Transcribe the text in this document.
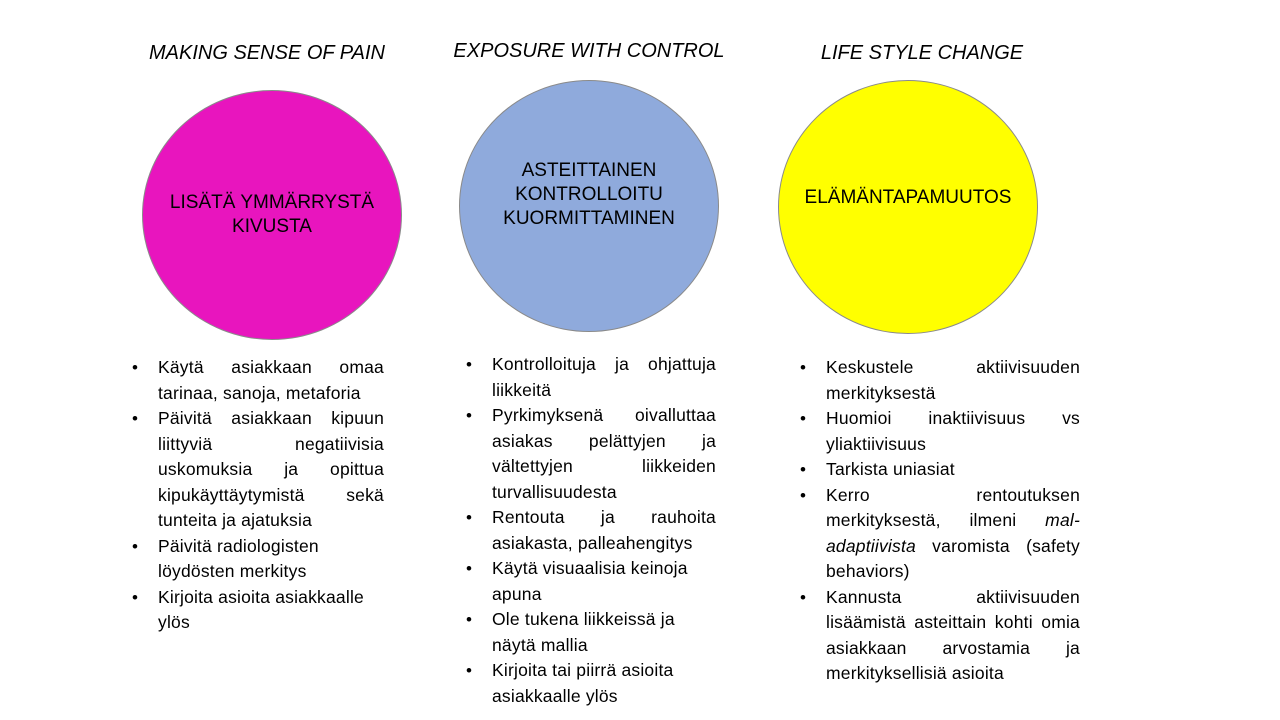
MAKING SENSE OF PAIN
LISÄTÄ YMMÄRRYSTÄ KIVUSTA
• Käytä asiakkaan omaa tarinaa, sanoja, metaforia
• Päivitä asiakkaan kipuun liittyviä negatiivisia uskomuksia ja opittua kipukäyttäytymistä sekä tunteita ja ajatuksia
• Päivitä radiologisten löydösten merkitys
• Kirjoita asioita asiakkaalle ylös
EXPOSURE WITH CONTROL
ASTEITTAINEN KONTROLLOITU KUORMITTAMINEN
• Kontrolloituja ja ohjattuja liikkeitä
• Pyrkimyksenä oivalluttaa asiakas pelättyjen ja vältettyjen liikkeiden turvallisuudesta
• Rentouta ja rauhoita asiakasta, palleahengitys
• Käytä visuaalisia keinoja apuna
• Ole tukena liikkeissä ja näytä mallia
• Kirjoita tai piirrä asioita asiakkaalle ylös
LIFE STYLE CHANGE
ELÄMÄNTAPAMUUTOS
• Keskustele aktiivisuuden merkityksestä
• Huomioi inaktiivisuus vs yliaktiivisuus
• Tarkista uniasiat
• Kerro rentoutuksen merkityksestä, ilmeni mal-adaptiivista varomista (safety behaviors)
• Kannusta aktiivisuuden lisäämistä asteittain kohti omia asiakkaan arvostamia ja merkityksellisiä asioita
